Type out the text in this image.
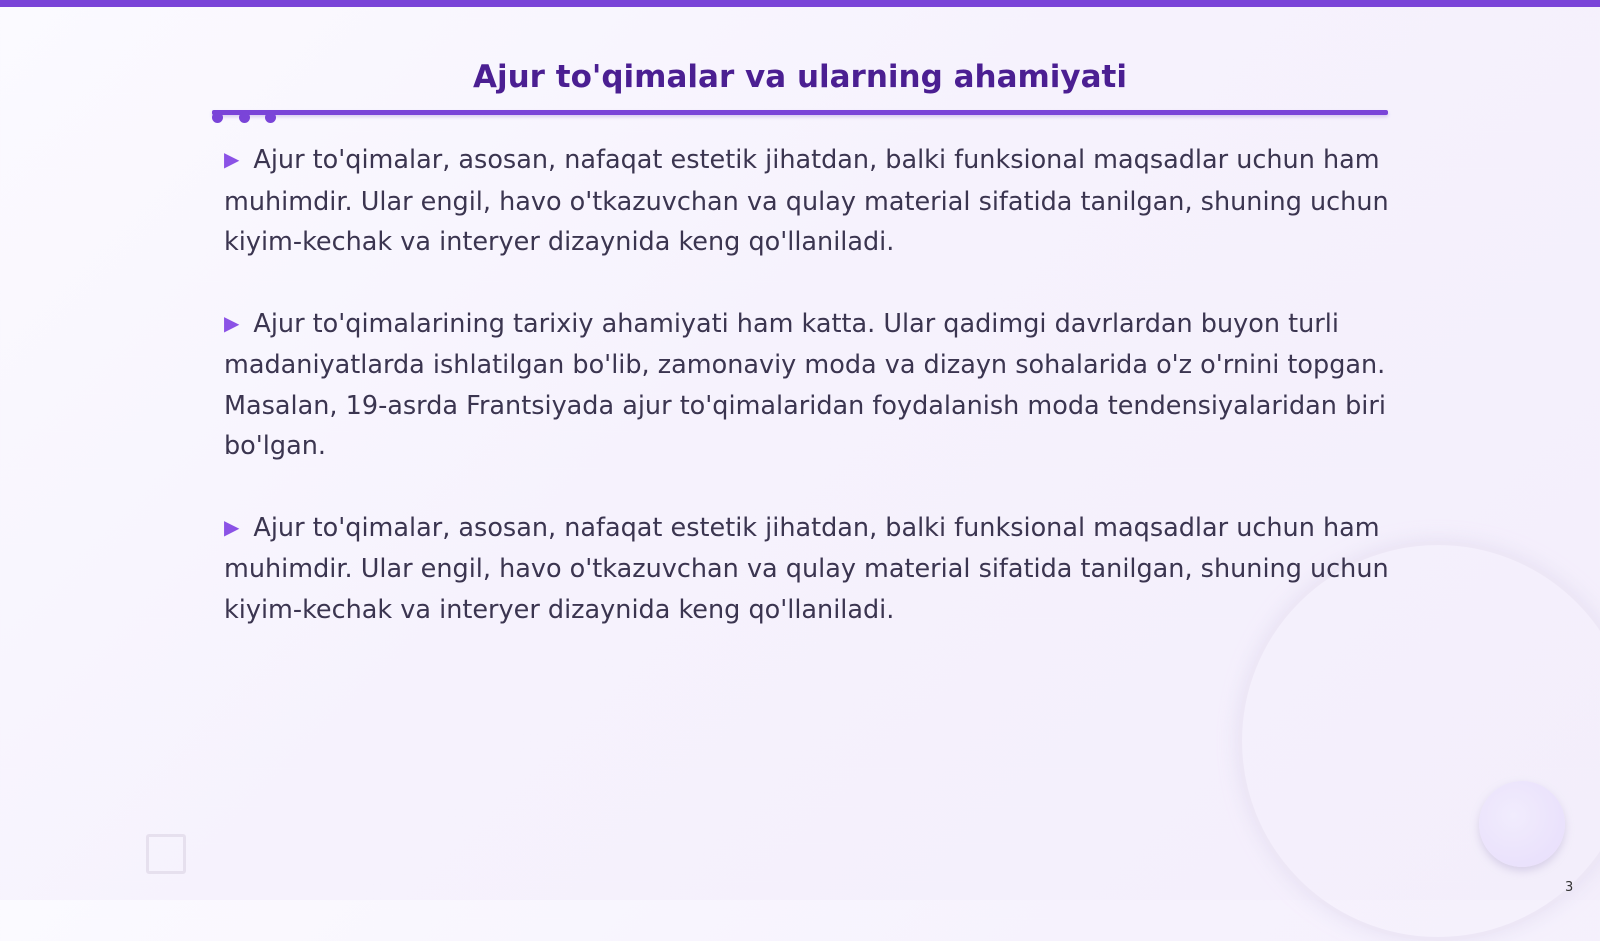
Ajur to'qimalar va ularning ahamiyati

▶ Ajur to'qimalar, asosan, nafaqat estetik jihatdan, balki funksional maqsadlar uchun ham muhimdir. Ular engil, havo o'tkazuvchan va qulay material sifatida tanilgan, shuning uchun kiyim-kechak va interyer dizaynida keng qo'llaniladi.

▶ Ajur to'qimalarining tarixiy ahamiyati ham katta. Ular qadimgi davrlardan buyon turli madaniyatlarda ishlatilgan bo'lib, zamonaviy moda va dizayn sohalarida o'z o'rnini topgan. Masalan, 19-asrda Frantsiyada ajur to'qimalaridan foydalanish moda tendensiyalaridan biri bo'lgan.

▶ Ajur to'qimalar, asosan, nafaqat estetik jihatdan, balki funksional maqsadlar uchun ham muhimdir. Ular engil, havo o'tkazuvchan va qulay material sifatida tanilgan, shuning uchun kiyim-kechak va interyer dizaynida keng qo'llaniladi.

3
